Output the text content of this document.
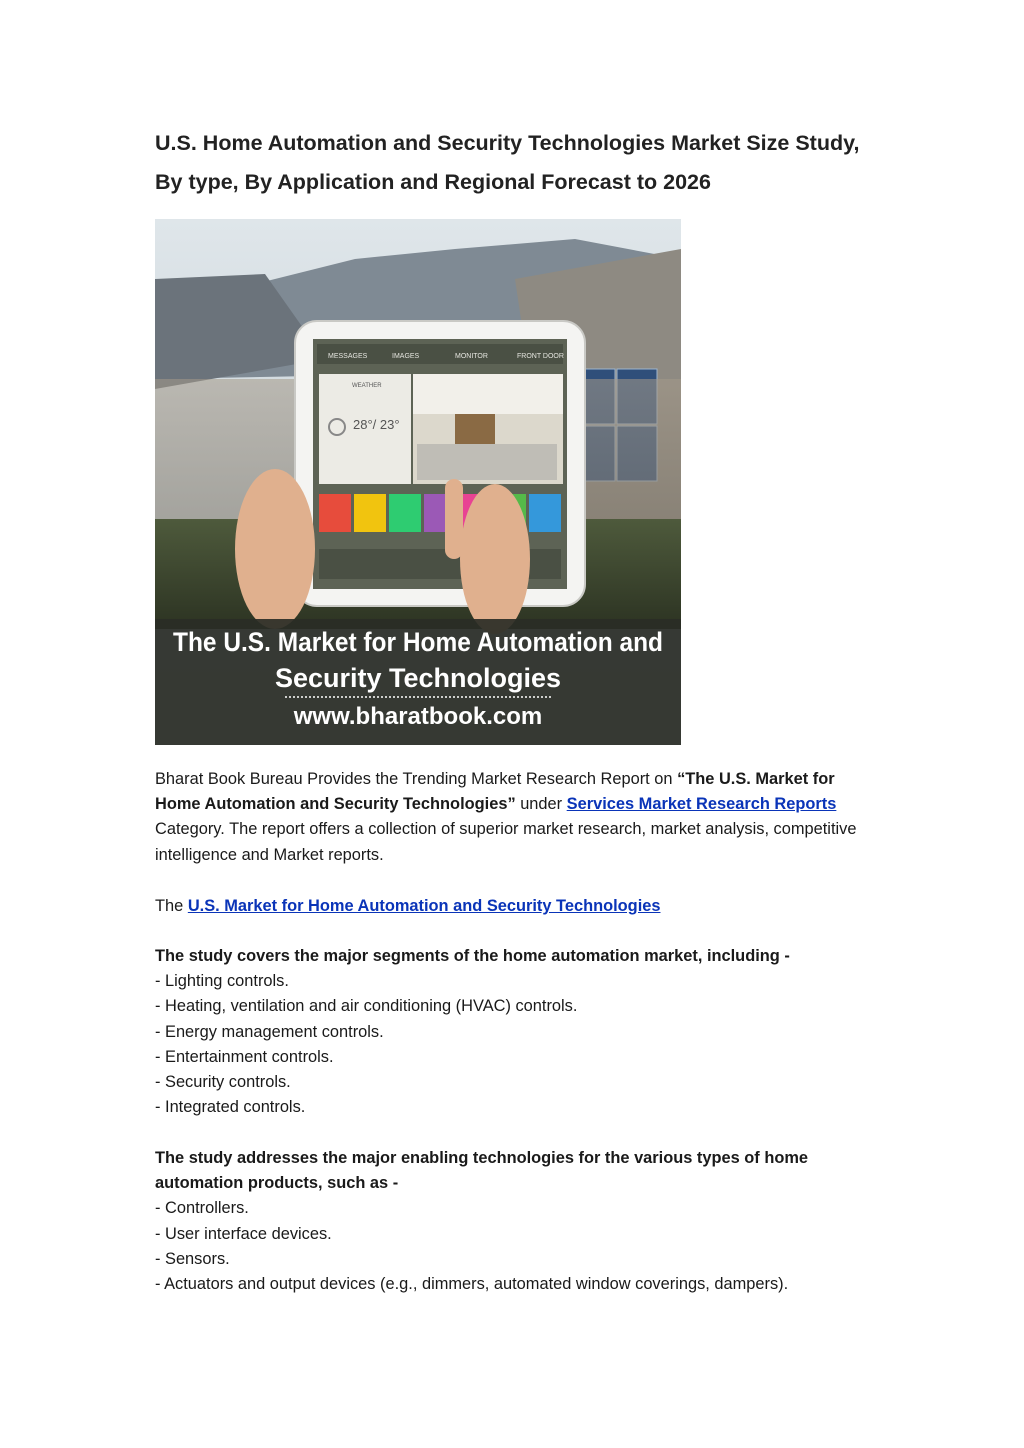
U.S. Home Automation and Security Technologies Market Size Study, By type, By Application and Regional Forecast to 2026
MESSAGES	IMAGES	MONITOR	FRONT DOOR
WEATHER
28°/ 23°
The U.S. Market for Home Automation and
Security Technologies
www.bharatbook.com

Bharat Book Bureau Provides the Trending Market Research Report on “The U.S. Market for Home Automation and Security Technologies” under Services Market Research Reports Category. The report offers a collection of superior market research, market analysis, competitive intelligence and Market reports.

The U.S. Market for Home Automation and Security Technologies

The study covers the major segments of the home automation market, including -

- Lighting controls.
- Heating, ventilation and air conditioning (HVAC) controls.
- Energy management controls.
- Entertainment controls.
- Security controls.
- Integrated controls.

The study addresses the major enabling technologies for the various types of home automation products, such as -

- Controllers.
- User interface devices.
- Sensors.
- Actuators and output devices (e.g., dimmers, automated window coverings, dampers).
